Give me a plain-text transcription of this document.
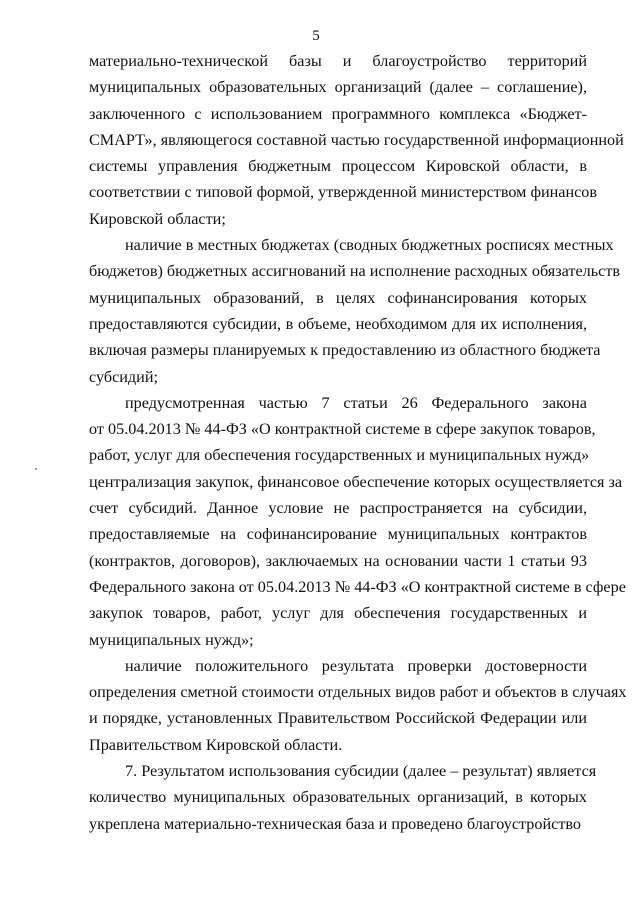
5
материально-технической базы и благоустройство территорий
муниципальных образовательных организаций (далее – соглашение),
заключенного с использованием программного комплекса «Бюджет-
СМАРТ», являющегося составной частью государственной информационной
системы управления бюджетным процессом Кировской области, в
соответствии с типовой формой, утвержденной министерством финансов
Кировской области;
наличие в местных бюджетах (сводных бюджетных росписях местных
бюджетов) бюджетных ассигнований на исполнение расходных обязательств
муниципальных образований, в целях софинансирования которых
предоставляются субсидии, в объеме, необходимом для их исполнения,
включая размеры планируемых к предоставлению из областного бюджета
субсидий;
предусмотренная частью 7 статьи 26 Федерального закона
от 05.04.2013 № 44-ФЗ «О контрактной системе в сфере закупок товаров,
работ, услуг для обеспечения государственных и муниципальных нужд»
централизация закупок, финансовое обеспечение которых осуществляется за
счет субсидий. Данное условие не распространяется на субсидии,
предоставляемые на софинансирование муниципальных контрактов
(контрактов, договоров), заключаемых на основании части 1 статьи 93
Федерального закона от 05.04.2013 № 44-ФЗ «О контрактной системе в сфере
закупок товаров, работ, услуг для обеспечения государственных и
муниципальных нужд»;
наличие положительного результата проверки достоверности
определения сметной стоимости отдельных видов работ и объектов в случаях
и порядке, установленных Правительством Российской Федерации или
Правительством Кировской области.
7. Результатом использования субсидии (далее – результат) является
количество муниципальных образовательных организаций, в которых
укреплена материально-техническая база и проведено благоустройство
